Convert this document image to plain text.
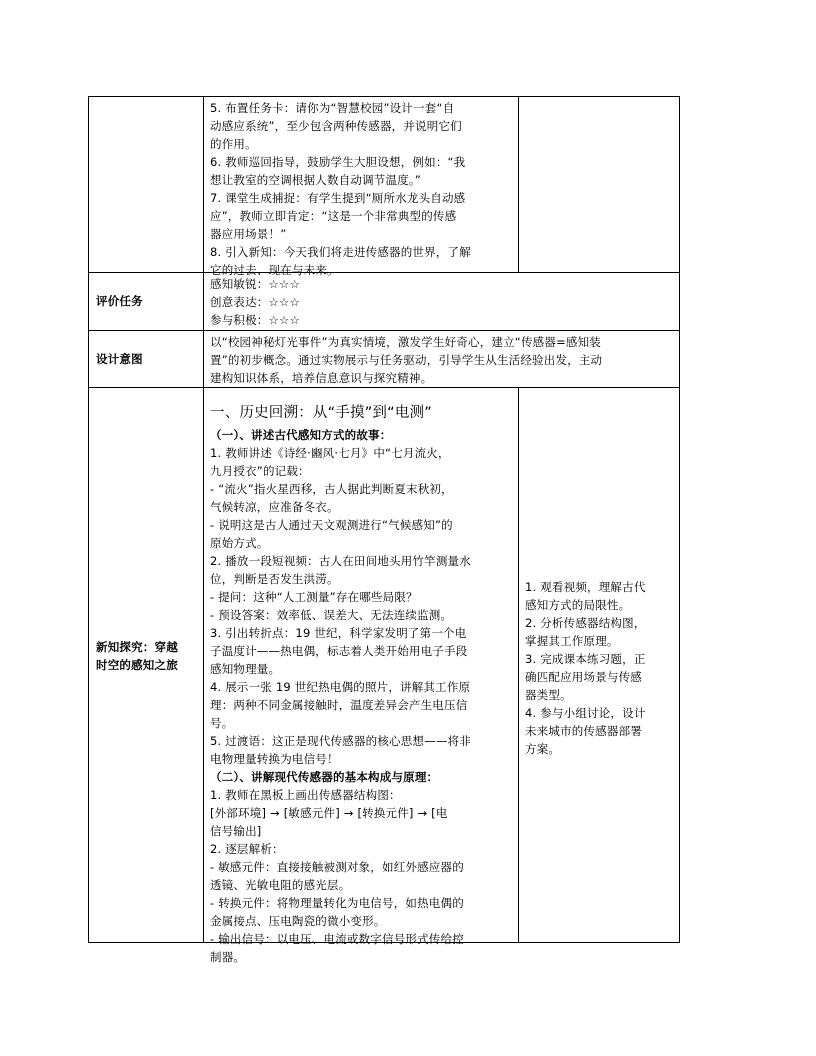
5. 布置任务卡：请你为“智慧校园”设计一套“自
动感应系统”，至少包含两种传感器，并说明它们
的作用。
6. 教师巡回指导，鼓励学生大胆设想，例如：“我
想让教室的空调根据人数自动调节温度。”
7. 课堂生成捕捉：有学生提到“厕所水龙头自动感
应”，教师立即肯定：“这是一个非常典型的传感
器应用场景！”
8. 引入新知：今天我们将走进传感器的世界，了解
它的过去、现在与未来。
评价任务
感知敏锐：☆☆☆
创意表达：☆☆☆
参与积极：☆☆☆
设计意图
以“校园神秘灯光事件”为真实情境，激发学生好奇心，建立“传感器=感知装
置”的初步概念。通过实物展示与任务驱动，引导学生从生活经验出发，主动
建构知识体系，培养信息意识与探究精神。
新知探究：穿越
时空的感知之旅
一、历史回溯：从“手摸”到“电测”
（一）、讲述古代感知方式的故事：
1. 教师讲述《诗经·豳风·七月》中“七月流火，
九月授衣”的记载：
- “流火”指火星西移，古人据此判断夏末秋初，
气候转凉，应准备冬衣。
- 说明这是古人通过天文观测进行“气候感知”的
原始方式。
2. 播放一段短视频：古人在田间地头用竹竿测量水
位，判断是否发生洪涝。
- 提问：这种“人工测量”存在哪些局限？
- 预设答案：效率低、误差大、无法连续监测。
3. 引出转折点：19 世纪，科学家发明了第一个电
子温度计——热电偶，标志着人类开始用电子手段
感知物理量。
4. 展示一张 19 世纪热电偶的照片，讲解其工作原
理：两种不同金属接触时，温度差异会产生电压信
号。
5. 过渡语：这正是现代传感器的核心思想——将非
电物理量转换为电信号！
（二）、讲解现代传感器的基本构成与原理：
1. 教师在黑板上画出传感器结构图：
[外部环境] → [敏感元件] → [转换元件] → [电
信号输出]
2. 逐层解析：
- 敏感元件：直接接触被测对象，如红外感应器的
透镜、光敏电阻的感光层。
- 转换元件：将物理量转化为电信号，如热电偶的
金属接点、压电陶瓷的微小变形。
- 输出信号：以电压、电流或数字信号形式传给控
制器。
1. 观看视频，理解古代
感知方式的局限性。
2. 分析传感器结构图，
掌握其工作原理。
3. 完成课本练习题，正
确匹配应用场景与传感
器类型。
4. 参与小组讨论，设计
未来城市的传感器部署
方案。
